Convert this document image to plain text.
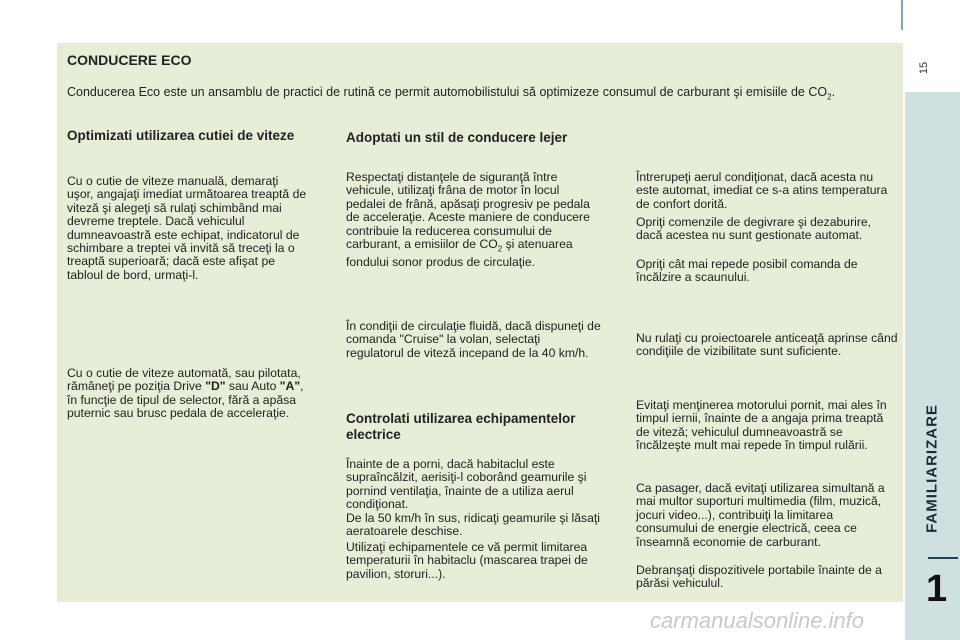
15
CONDUCERE ECO

Conducerea Eco este un ansamblu de practici de rutină ce permit automobilistului să optimizeze consumul de carburant şi emisiile de $CO_2$.

Optimizati utilizarea cutiei de viteze

Cu o cutie de viteze manuală, demaraţi uşor, angajaţi imediat următoarea treaptă de viteză şi alegeţi să rulaţi schimbând mai devreme treptele. Dacă vehiculul dumneavoastră este echipat, indicatorul de schimbare a treptei vă invită să treceţi la o treaptă superioară; dacă este afişat pe tabloul de bord, urmaţi-l.

Cu o cutie de viteze automată, sau pilotata, rămâneţi pe poziţia Drive "D" sau Auto "A", în funcţie de tipul de selector, fără a apăsa puternic sau brusc pedala de acceleraţie.

Adoptati un stil de conducere lejer

Respectaţi distanţele de siguranţă între vehicule, utilizaţi frâna de motor în locul pedalei de frână, apăsaţi progresiv pe pedala de acceleraţie. Aceste maniere de conducere contribuie la reducerea consumului de carburant, a emisiilor de $CO_2$ şi atenuarea fondului sonor produs de circulaţie.

În condiţii de circulaţie fluidă, dacă dispuneţi de comanda "Cruise" la volan, selectaţi regulatorul de viteză incepand de la 40 km/h.

Controlati utilizarea echipamentelor electrice

Înainte de a porni, dacă habitaclul este supraîncălzit, aerisiţi-l coborând geamurile şi pornind ventilaţia, înainte de a utiliza aerul condiţionat.

De la 50 km/h în sus, ridicaţi geamurile şi lăsaţi aeratoarele deschise.

Utilizaţi echipamentele ce vă permit limitarea temperaturii în habitaclu (mascarea trapei de pavilion, storuri...).

Întrerupeţi aerul condiţionat, dacă acesta nu este automat, imediat ce s-a atins temperatura de confort dorită.

Opriţi comenzile de degivrare şi dezaburire, dacă acestea nu sunt gestionate automat.

Opriţi cât mai repede posibil comanda de încălzire a scaunului.

Nu rulaţi cu proiectoarele anticeaţă aprinse când condiţiile de vizibilitate sunt suficiente.

Evitaţi menţinerea motorului pornit, mai ales în timpul iernii, înainte de a angaja prima treaptă de viteză; vehiculul dumneavoastră se încălzeşte mult mai repede în timpul rulării.

Ca pasager, dacă evitaţi utilizarea simultană a mai multor suporturi multimedia (film, muzică, jocuri video...), contribuiţi la limitarea consumului de energie electrică, ceea ce înseamnă economie de carburant.

Debranşaţi dispozitivele portabile înainte de a părăsi vehiculul.

FAMILIARIZARE
1
carmanualsonline.info
